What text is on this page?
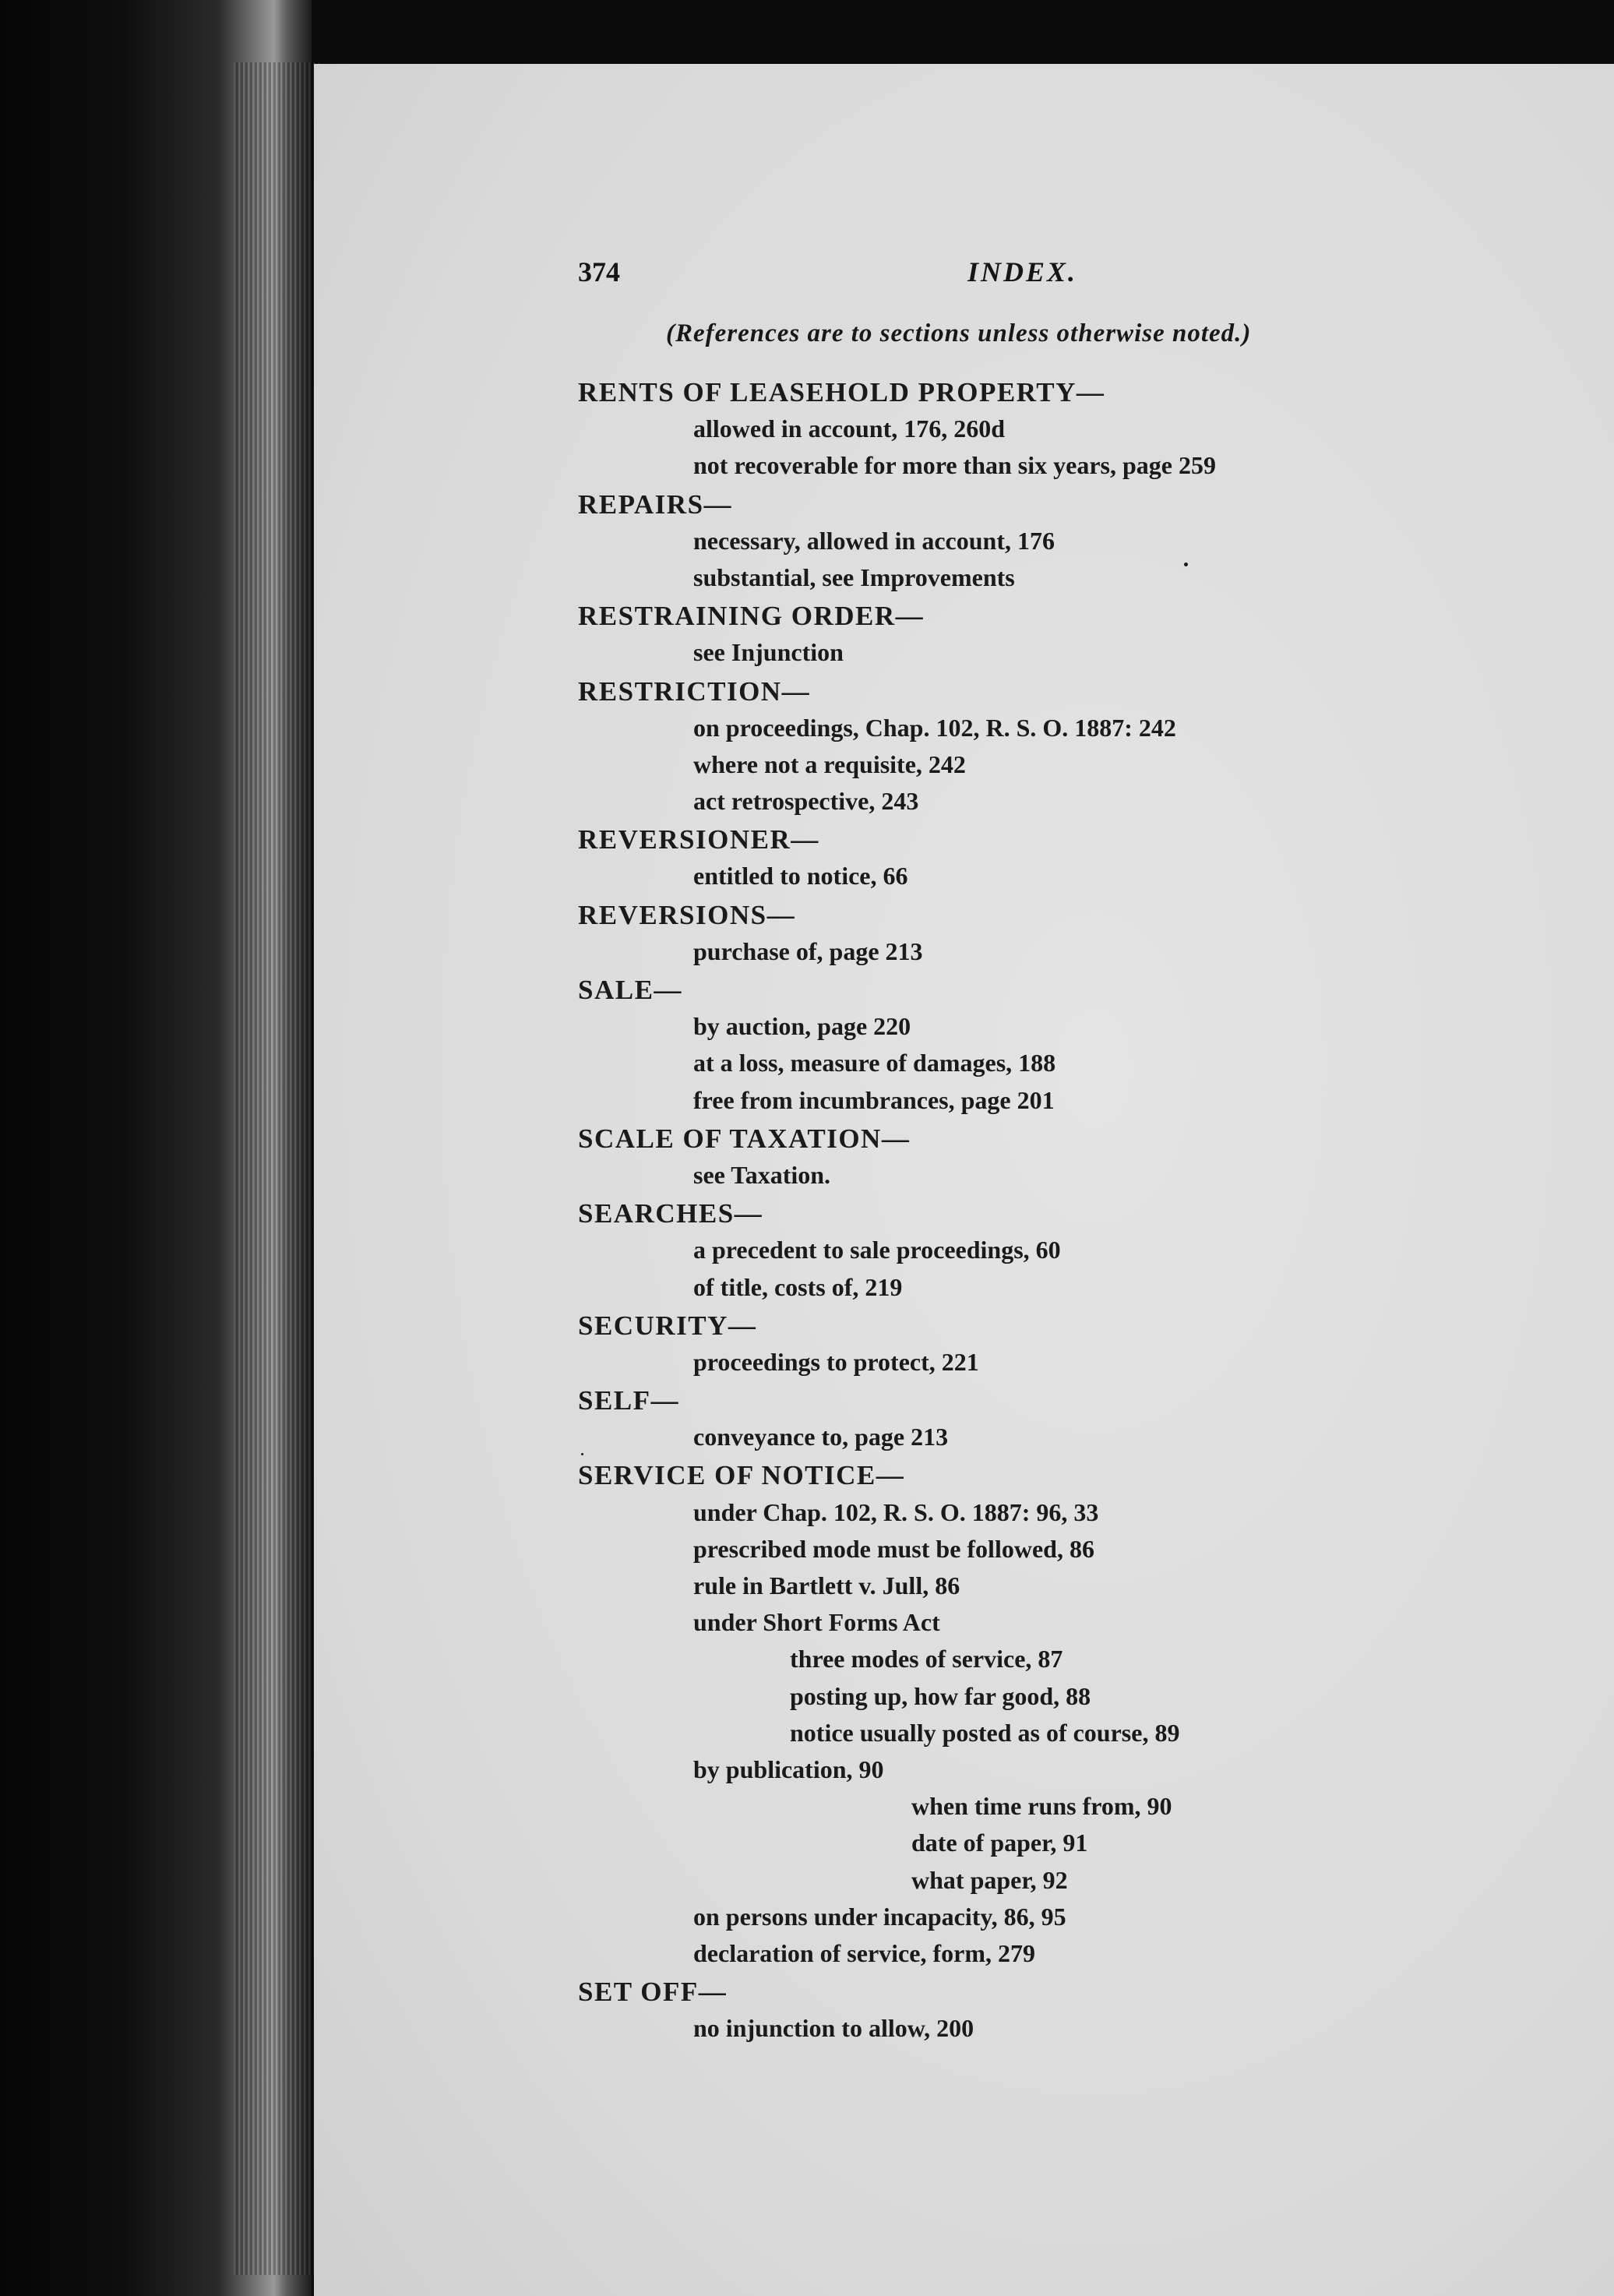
374	INDEX.
(References are to sections unless otherwise noted.)
RENTS OF LEASEHOLD PROPERTY—
allowed in account, 176, 260d
not recoverable for more than six years, page 259
REPAIRS—
necessary, allowed in account, 176
substantial, see Improvements
RESTRAINING ORDER—
see Injunction
RESTRICTION—
on proceedings, Chap. 102, R. S. O. 1887: 242
where not a requisite, 242
act retrospective, 243
REVERSIONER—
entitled to notice, 66
REVERSIONS—
purchase of, page 213
SALE—
by auction, page 220
at a loss, measure of damages, 188
free from incumbrances, page 201
SCALE OF TAXATION—
see Taxation.
SEARCHES—
a precedent to sale proceedings, 60
of title, costs of, 219
SECURITY—
proceedings to protect, 221
SELF—
conveyance to, page 213
SERVICE OF NOTICE—
under Chap. 102, R. S. O. 1887: 96, 33
prescribed mode must be followed, 86
rule in Bartlett v. Jull, 86
under Short Forms Act
three modes of service, 87
posting up, how far good, 88
notice usually posted as of course, 89
by publication, 90
when time runs from, 90
date of paper, 91
what paper, 92
on persons under incapacity, 86, 95
declaration of service, form, 279
SET OFF—
no injunction to allow, 200
